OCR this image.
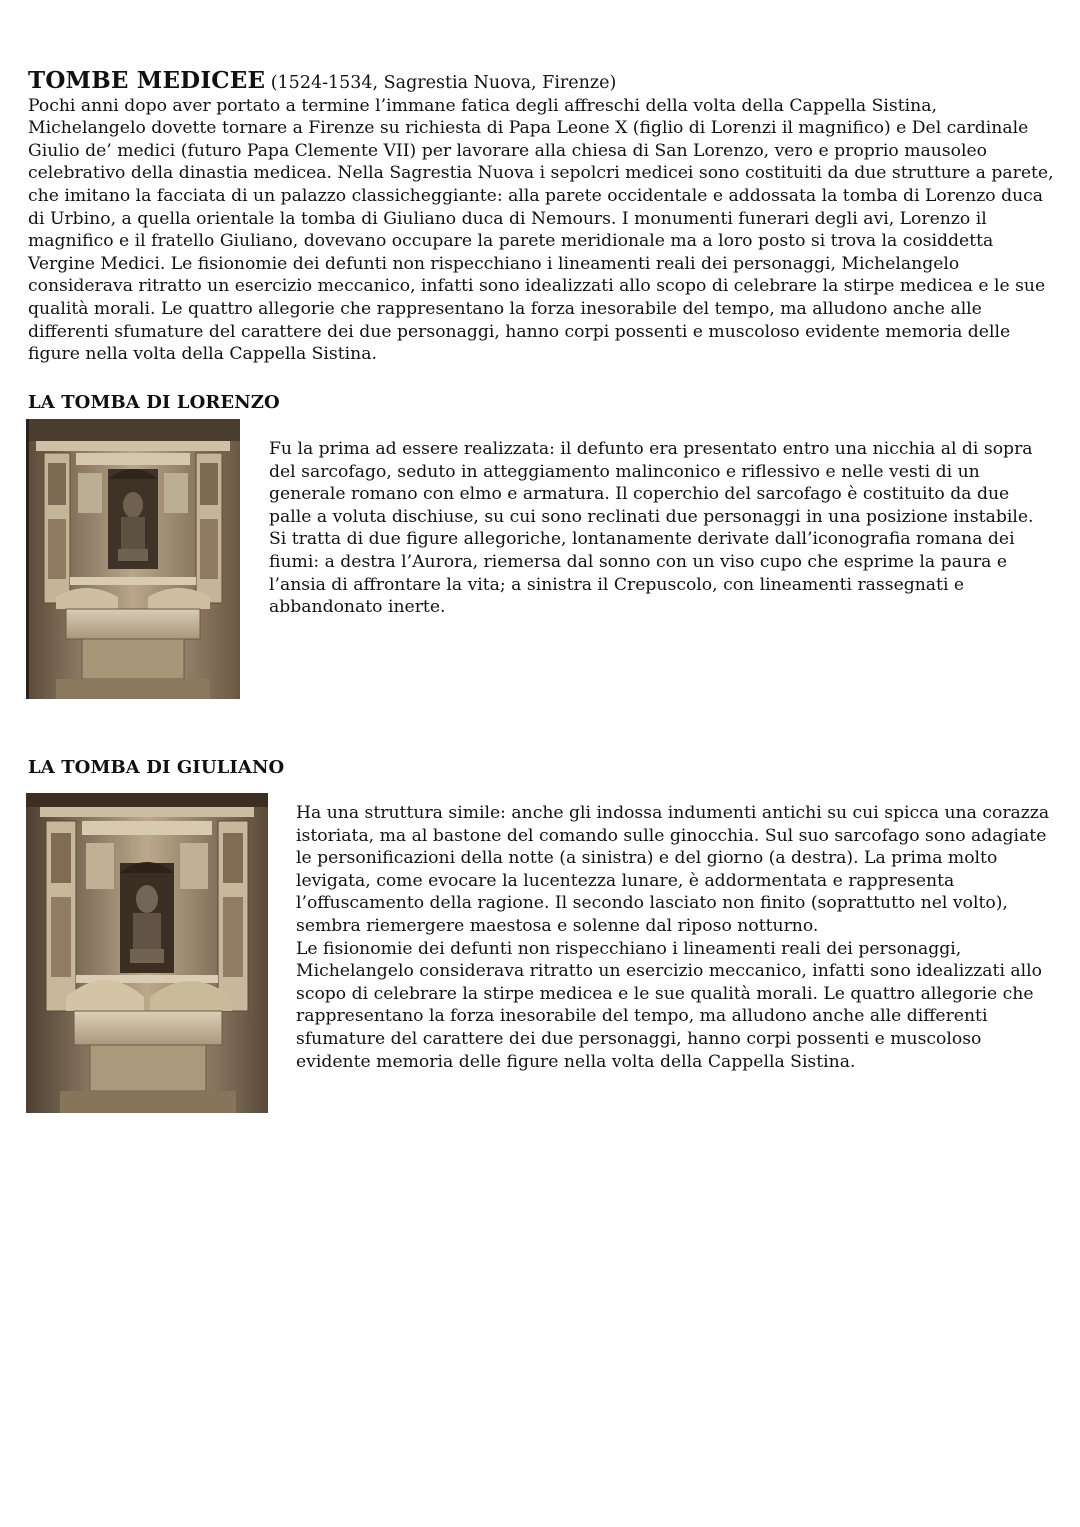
TOMBE MEDICEE (1524-1534, Sagrestia Nuova, Firenze)

Pochi anni dopo aver portato a termine l’immane fatica degli affreschi della volta della Cappella Sistina, Michelangelo dovette tornare a Firenze su richiesta di Papa Leone X (figlio di Lorenzi il magnifico) e Del cardinale Giulio de’ medici (futuro Papa Clemente VII) per lavorare alla chiesa di San Lorenzo, vero e proprio mausoleo celebrativo della dinastia medicea. Nella Sagrestia Nuova i sepolcri medicei sono costituiti da due strutture a parete, che imitano la facciata di un palazzo classicheggiante: alla parete occidentale e addossata la tomba di Lorenzo duca di Urbino, a quella orientale la tomba di Giuliano duca di Nemours. I monumenti funerari degli avi, Lorenzo il magnifico e il fratello Giuliano, dovevano occupare la parete meridionale ma a loro posto si trova la cosiddetta Vergine Medici. Le fisionomie dei defunti non rispecchiano i lineamenti reali dei personaggi, Michelangelo considerava ritratto un esercizio meccanico, infatti sono idealizzati allo scopo di celebrare la stirpe medicea e le sue qualità morali. Le quattro allegorie che rappresentano la forza inesorabile del tempo, ma alludono anche alle differenti sfumature del carattere dei due personaggi, hanno corpi possenti e muscoloso evidente memoria delle figure nella volta della Cappella Sistina.

LA TOMBA DI LORENZO

Fu la prima ad essere realizzata: il defunto era presentato entro una nicchia al di sopra del sarcofago, seduto in atteggiamento malinconico e riflessivo e nelle vesti di un generale romano con elmo e armatura. Il coperchio del sarcofago è costituito da due palle a voluta dischiuse, su cui sono reclinati due personaggi in una posizione instabile. Si tratta di due figure allegoriche, lontanamente derivate dall’iconografia romana dei fiumi: a destra l’Aurora, riemersa dal sonno con un viso cupo che esprime la paura e l’ansia di affrontare la vita; a sinistra il Crepuscolo, con lineamenti rassegnati e abbandonato inerte.

LA TOMBA DI GIULIANO

Ha una struttura simile: anche gli indossa indumenti antichi su cui spicca una corazza istoriata, ma al bastone del comando sulle ginocchia. Sul suo sarcofago sono adagiate le personificazioni della notte (a sinistra) e del giorno (a destra). La prima molto levigata, come evocare la lucentezza lunare, è addormentata e rappresenta l’offuscamento della ragione. Il secondo lasciato non finito (soprattutto nel volto), sembra riemergere maestosa e solenne dal riposo notturno.

Le fisionomie dei defunti non rispecchiano i lineamenti reali dei personaggi, Michelangelo considerava ritratto un esercizio meccanico, infatti sono idealizzati allo scopo di celebrare la stirpe medicea e le sue qualità morali. Le quattro allegorie che rappresentano la forza inesorabile del tempo, ma alludono anche alle differenti sfumature del carattere dei due personaggi, hanno corpi possenti e muscoloso evidente memoria delle figure nella volta della Cappella Sistina.
